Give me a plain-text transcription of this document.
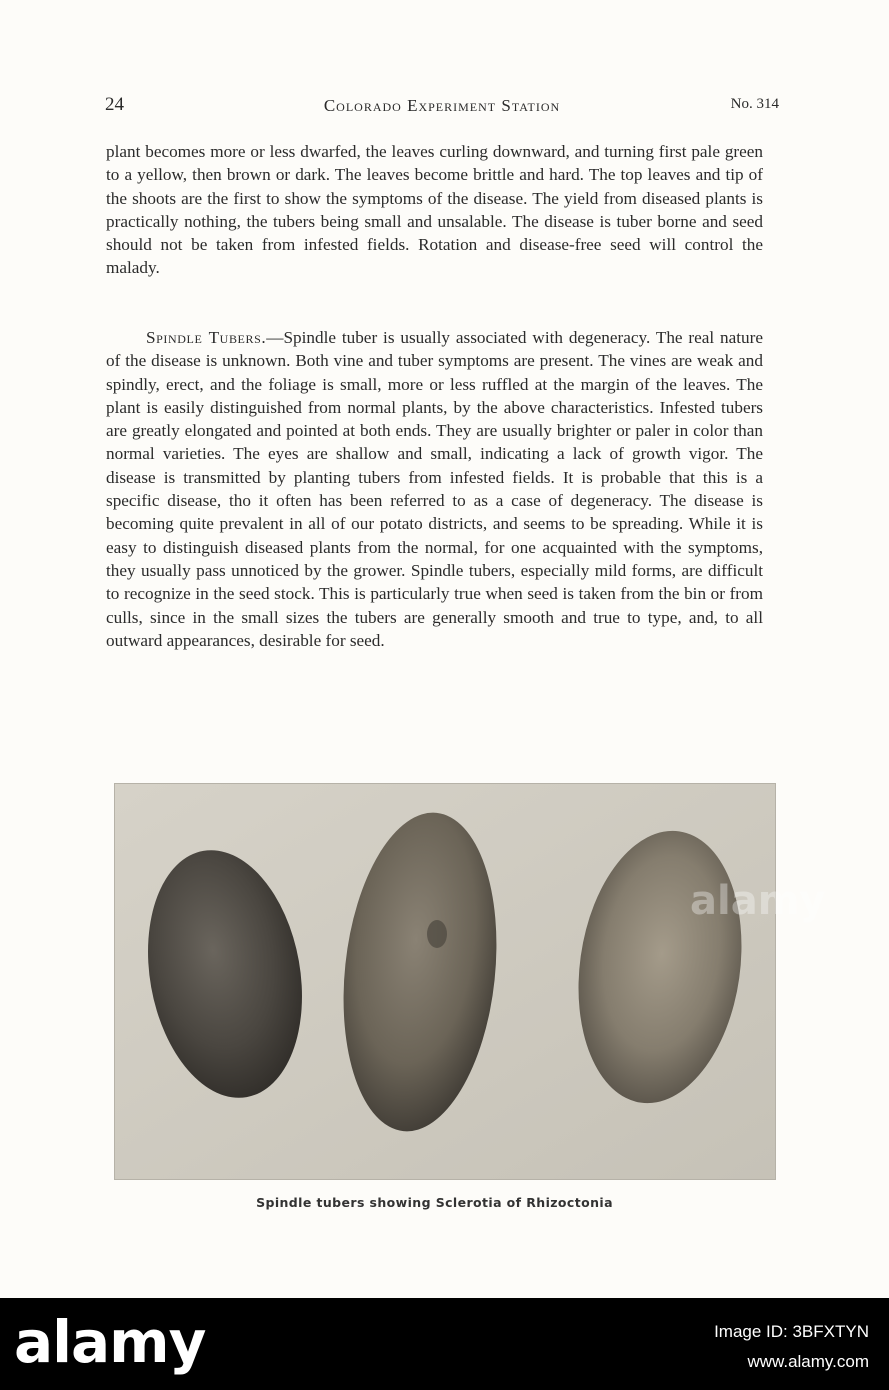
24	Colorado Experiment Station	No. 314
plant becomes more or less dwarfed, the leaves curling downward, and turning first pale green to a yellow, then brown or dark. The leaves become brittle and hard. The top leaves and tip of the shoots are the first to show the symptoms of the disease. The yield from diseased plants is practically nothing, the tubers being small and unsalable. The disease is tuber borne and seed should not be taken from infested fields. Rotation and disease-free seed will control the malady.
Spindle Tubers.—Spindle tuber is usually associated with degeneracy. The real nature of the disease is unknown. Both vine and tuber symptoms are present. The vines are weak and spindly, erect, and the foliage is small, more or less ruffled at the margin of the leaves. The plant is easily distinguished from normal plants, by the above characteristics. Infested tubers are greatly elongated and pointed at both ends. They are usually brighter or paler in color than normal varieties. The eyes are shallow and small, indicating a lack of growth vigor. The disease is transmitted by planting tubers from infested fields. It is probable that this is a specific disease, tho it often has been referred to as a case of degeneracy. The disease is becoming quite prevalent in all of our potato districts, and seems to be spreading. While it is easy to distinguish diseased plants from the normal, for one acquainted with the symptoms, they usually pass unnoticed by the grower. Spindle tubers, especially mild forms, are difficult to recognize in the seed stock. This is particularly true when seed is taken from the bin or from culls, since in the small sizes the tubers are generally smooth and true to type, and, to all outward appearances, desirable for seed.
alamy
Spindle tubers showing Sclerotia of Rhizoctonia
alamy	Image ID: 3BFXTYN
www.alamy.com
